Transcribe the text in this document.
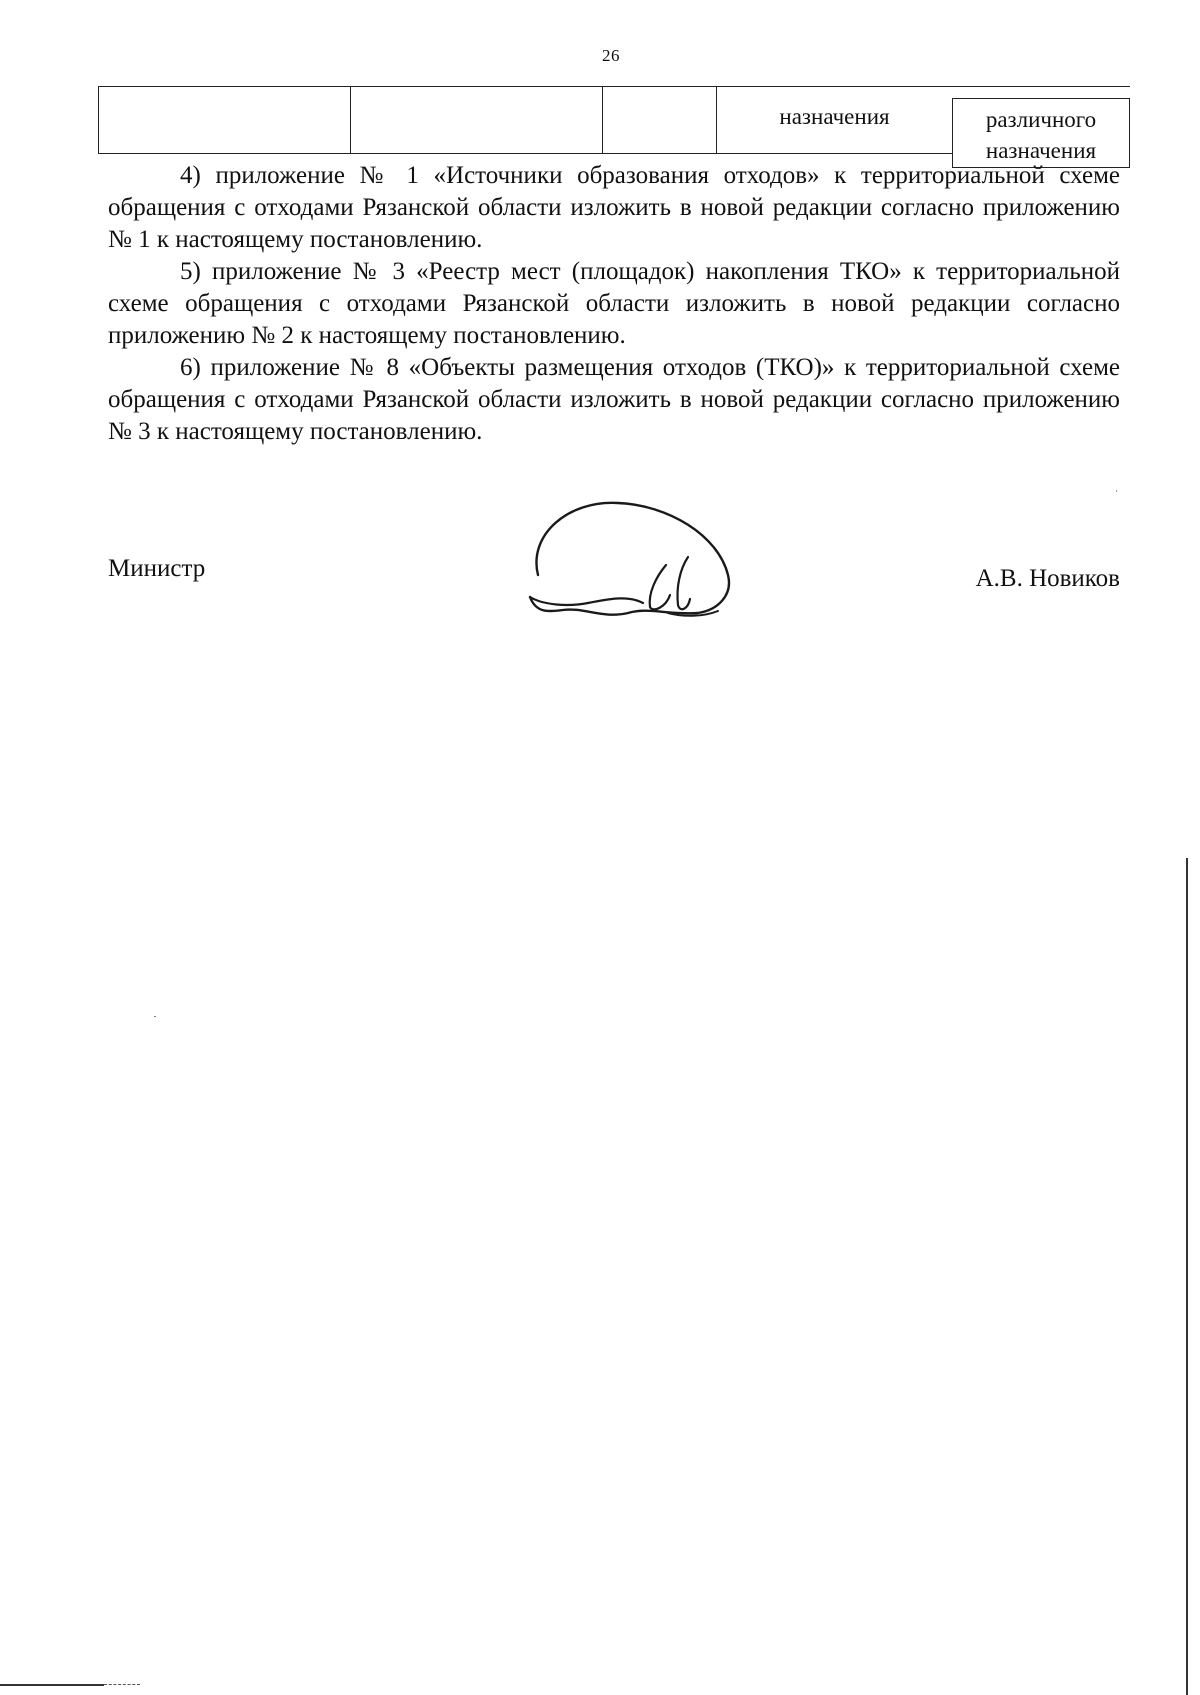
26
назначения	различного назначения

4) приложение № 1 «Источники образования отходов» к территориальной схеме обращения с отходами Рязанской области изложить в новой редакции согласно приложению № 1 к настоящему постановлению.

5) приложение № 3 «Реестр мест (площадок) накопления ТКО» к территориальной схеме обращения с отходами Рязанской области изложить в новой редакции согласно приложению № 2 к настоящему постановлению.

6) приложение № 8 «Объекты размещения отходов (ТКО)» к территориальной схеме обращения с отходами Рязанской области изложить в новой редакции согласно приложению № 3 к настоящему постановлению.

Министр	А.В. Новиков
